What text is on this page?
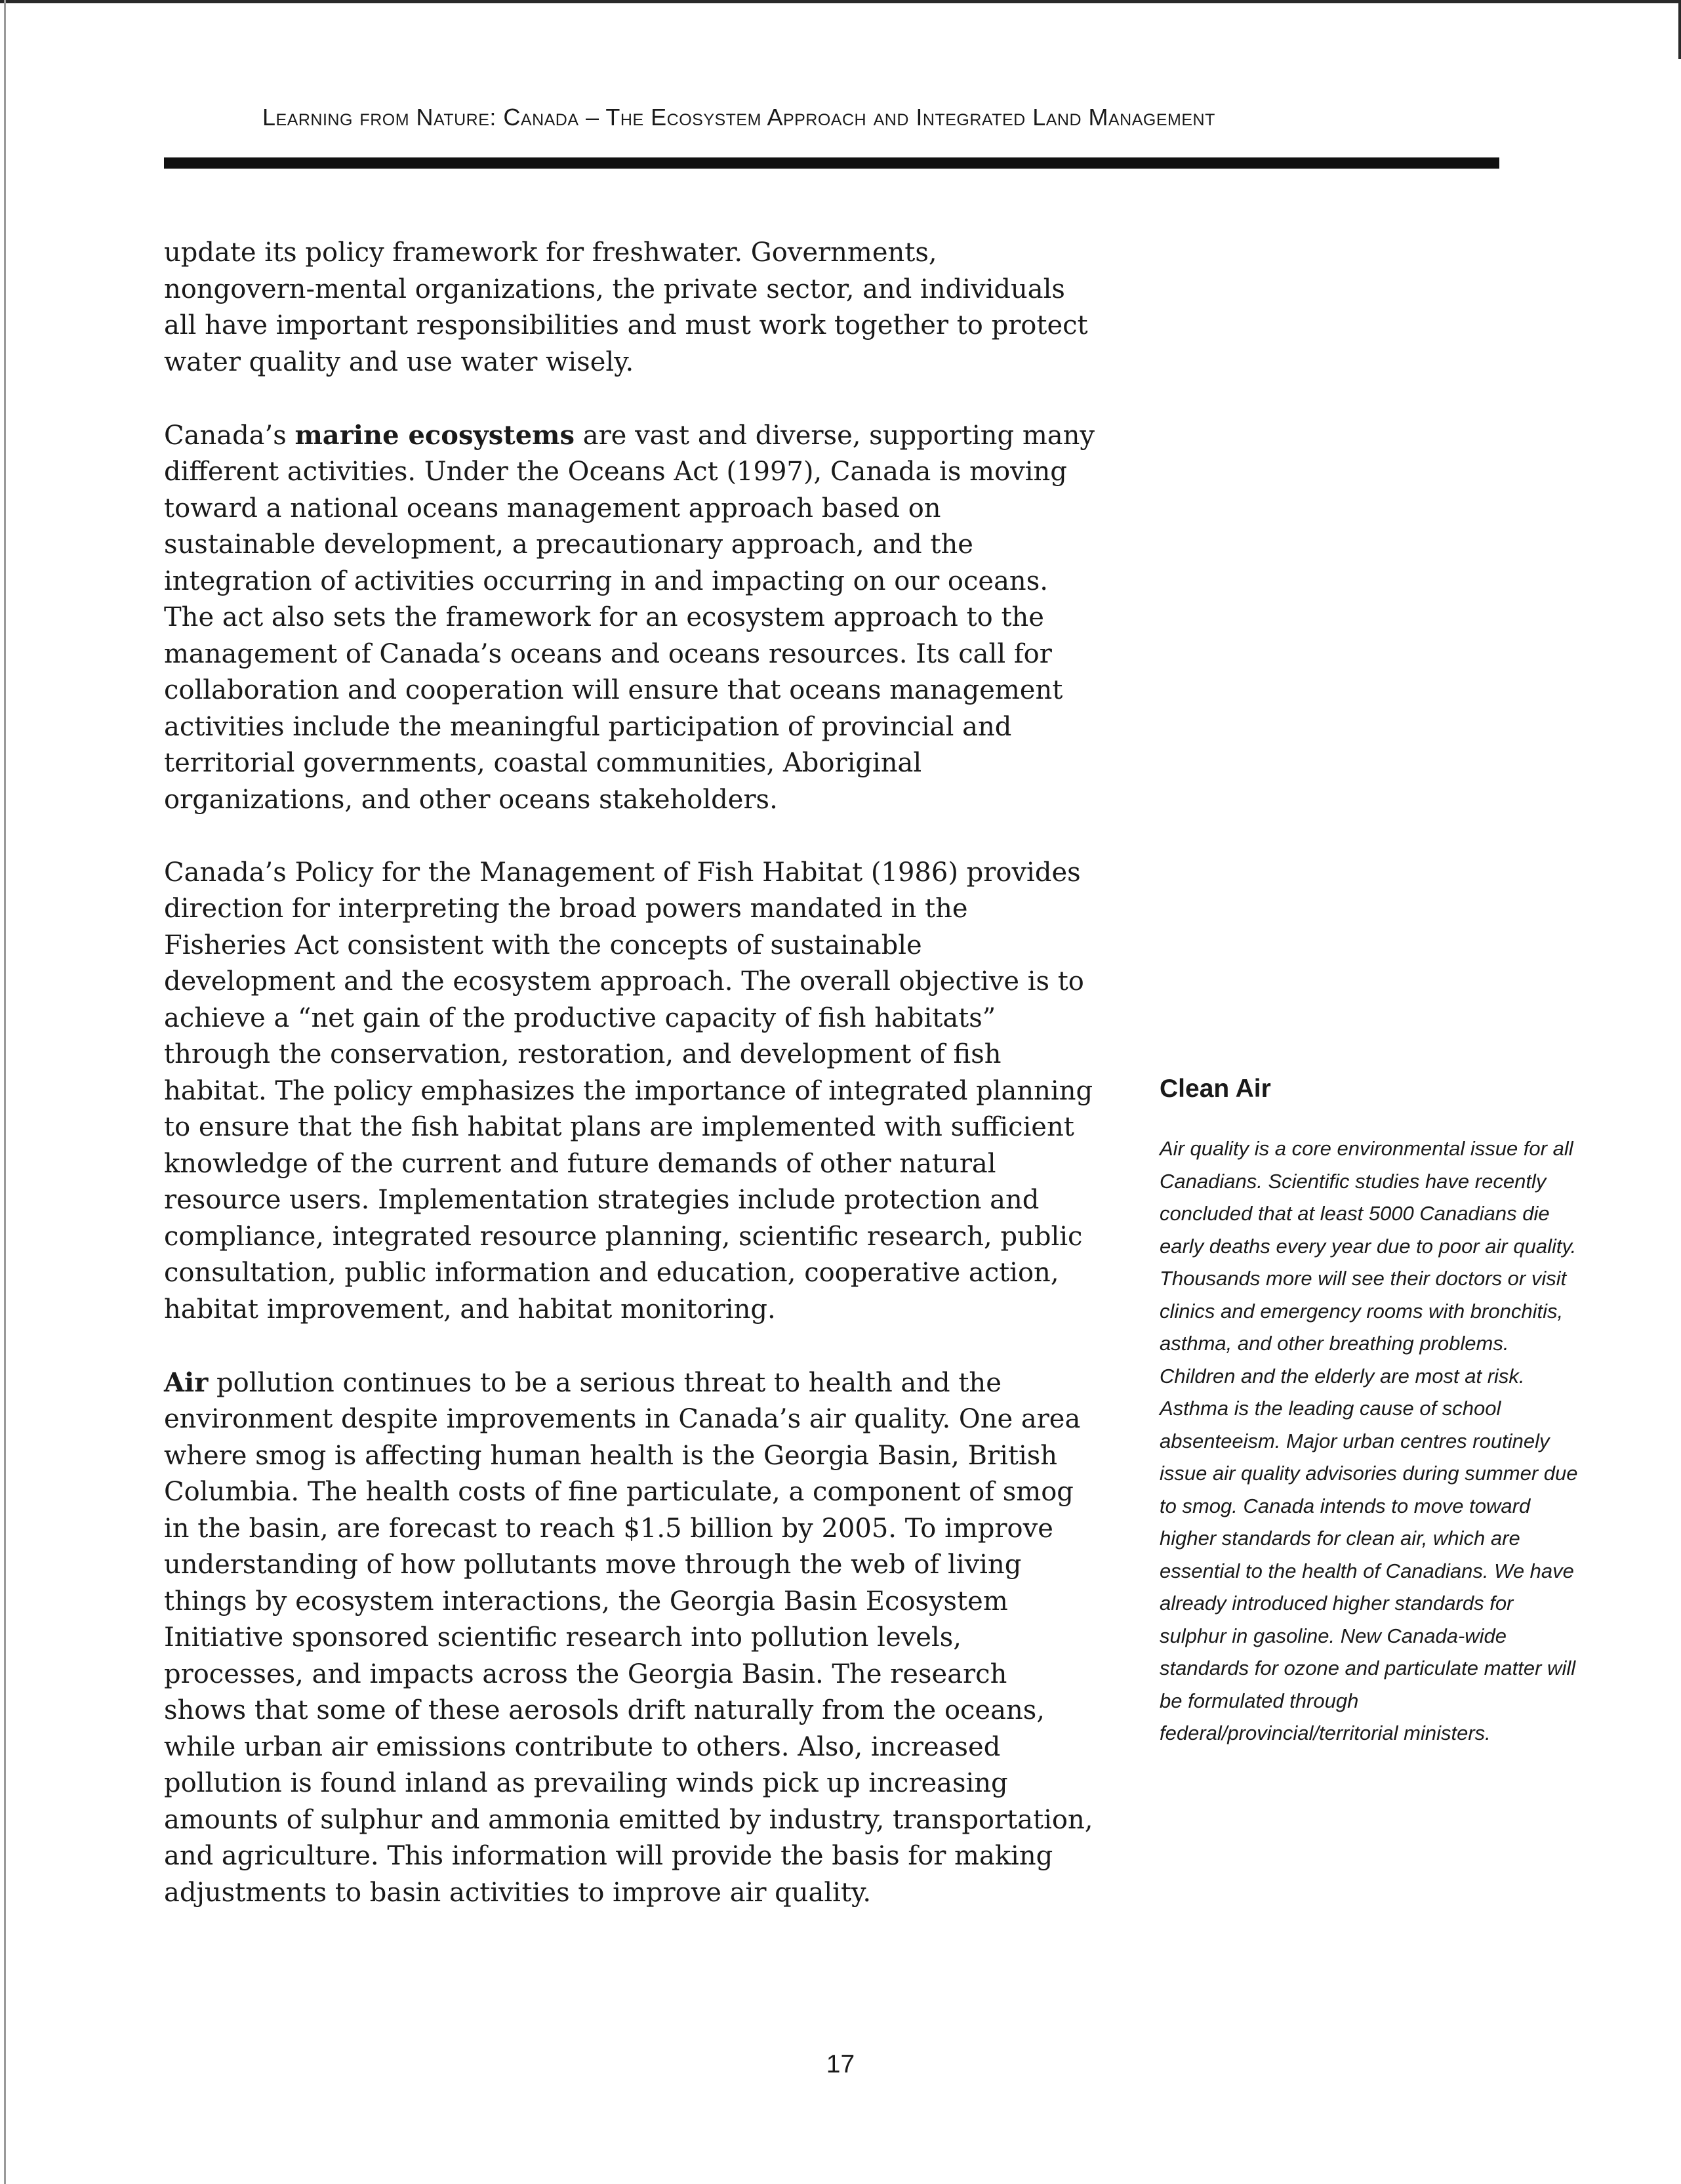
Learning from Nature: Canada – The Ecosystem Approach and Integrated Land Management

update its policy framework for freshwater. Governments, nongovern-mental organizations, the private sector, and individuals all have important responsibilities and must work together to protect water quality and use water wisely.

Canada’s marine ecosystems are vast and diverse, supporting many different activities. Under the Oceans Act (1997), Canada is moving toward a national oceans management approach based on sustainable development, a precautionary approach, and the integration of activities occurring in and impacting on our oceans. The act also sets the framework for an ecosystem approach to the management of Canada’s oceans and oceans resources. Its call for collaboration and cooperation will ensure that oceans management activities include the meaningful participation of provincial and territorial governments, coastal communities, Aboriginal organizations, and other oceans stakeholders.

Canada’s Policy for the Management of Fish Habitat (1986) provides direction for interpreting the broad powers mandated in the Fisheries Act consistent with the concepts of sustainable development and the ecosystem approach. The overall objective is to achieve a “net gain of the productive capacity of fish habitats” through the conservation, restoration, and development of fish habitat. The policy emphasizes the importance of integrated planning to ensure that the fish habitat plans are implemented with sufficient knowledge of the current and future demands of other natural resource users. Implementation strategies include protection and compliance, integrated resource planning, scientific research, public consultation, public information and education, cooperative action, habitat improvement, and habitat monitoring.

Air pollution continues to be a serious threat to health and the environment despite improvements in Canada’s air quality. One area where smog is affecting human health is the Georgia Basin, British Columbia. The health costs of fine particulate, a component of smog in the basin, are forecast to reach $1.5 billion by 2005. To improve understanding of how pollutants move through the web of living things by ecosystem interactions, the Georgia Basin Ecosystem Initiative sponsored scientific research into pollution levels, processes, and impacts across the Georgia Basin. The research shows that some of these aerosols drift naturally from the oceans, while urban air emissions contribute to others. Also, increased pollution is found inland as prevailing winds pick up increasing amounts of sulphur and ammonia emitted by industry, transportation, and agriculture. This information will provide the basis for making adjustments to basin activities to improve air quality.

Clean Air

Air quality is a core environmental issue for all Canadians. Scientific studies have recently concluded that at least 5000 Canadians die early deaths every year due to poor air quality. Thousands more will see their doctors or visit clinics and emergency rooms with bronchitis, asthma, and other breathing problems. Children and the elderly are most at risk. Asthma is the leading cause of school absenteeism. Major urban centres routinely issue air quality advisories during summer due to smog. Canada intends to move toward higher standards for clean air, which are essential to the health of Canadians. We have already introduced higher standards for sulphur in gasoline. New Canada-wide standards for ozone and particulate matter will be formulated through federal/provincial/territorial ministers.

17
